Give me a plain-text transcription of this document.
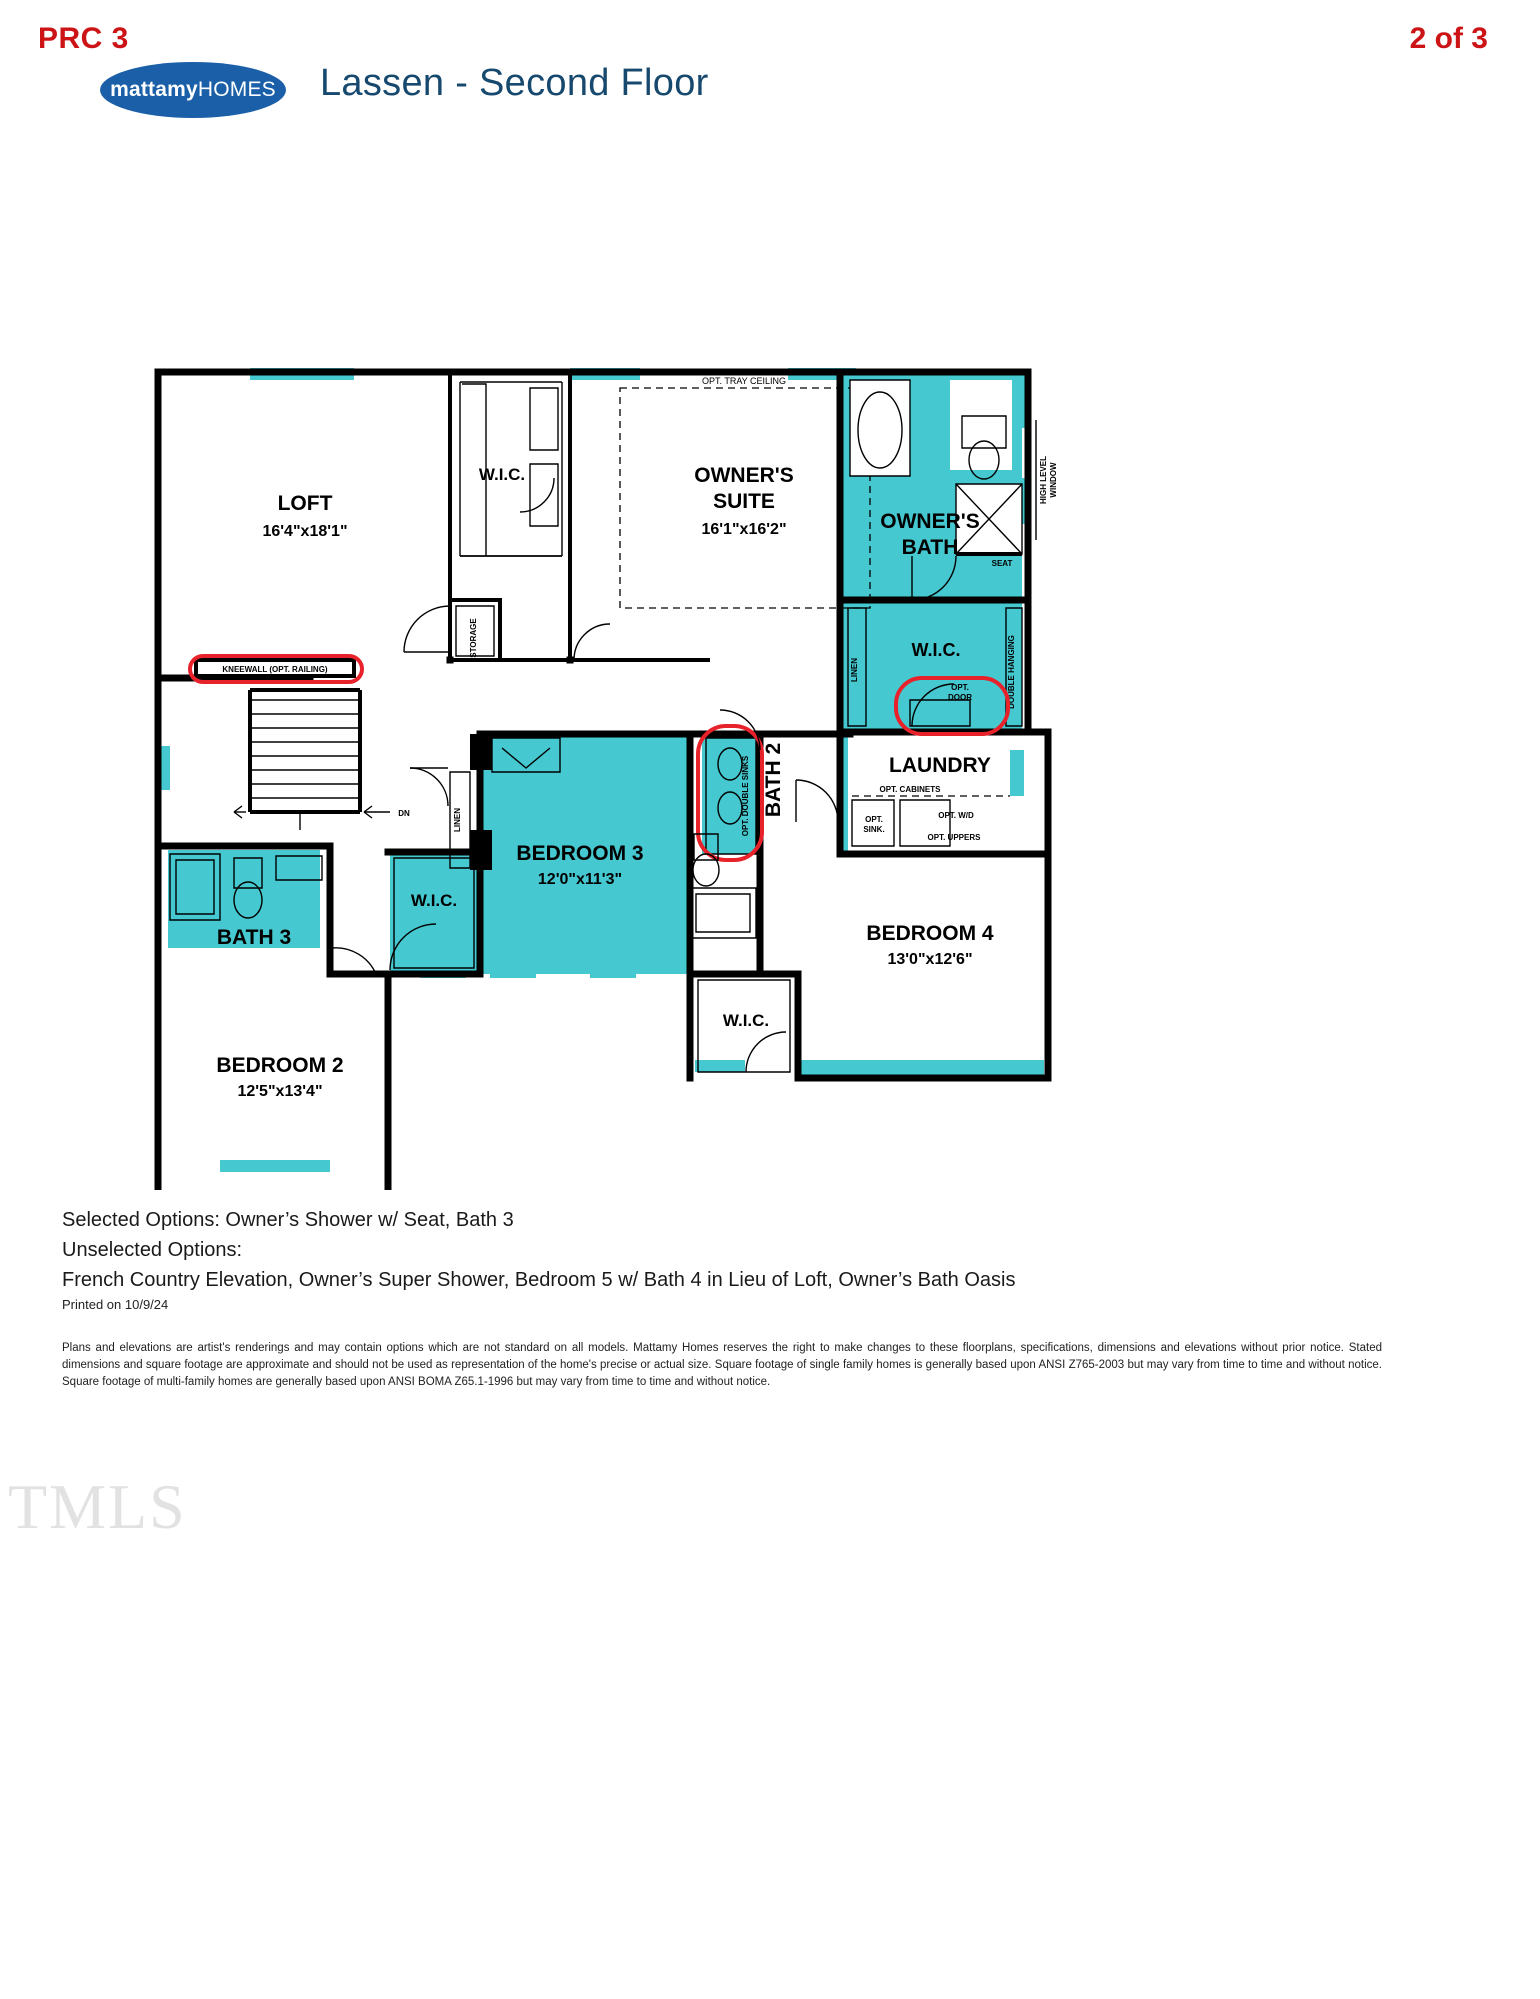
PRC 3	2 of 3
mattamy HOMES Lassen - Second Floor
DN
KNEEWALL (OPT. RAILING)
OPT. TRAY CEILING
W.I.C.
STORAGE
SEAT
HIGH LEVEL WINDOW
LINEN	DOUBLE HANGING
OPT.
DOOR
OPT. CABINETS
OPT.
SINK.
OPT. W/D
OPT. UPPERS
OPT. DOUBLE SINKS BATH 2
W.I.C.
LINEN
BEDROOM 3
12'0"x11'3"
W.I.C.
BATH 3
BEDROOM 2
12'5"x13'4"
BEDROOM 4
13'0"x12'6"
LOFT
16'4"x18'1"
OWNER'S
SUITE
16'1"x16'2"	OWNER'S
BATH
W.I.C.
LAUNDRY
Selected Options: Owner’s Shower w/ Seat, Bath 3
Unselected Options:
French Country Elevation, Owner’s Super Shower, Bedroom 5 w/ Bath 4 in Lieu of Loft, Owner’s Bath Oasis
Printed on 10/9/24
Plans and elevations are artist's renderings and may contain options which are not standard on all models. Mattamy Homes reserves the right to make changes to these floorplans, specifications, dimensions and elevations without prior notice. Stated dimensions and square footage are approximate and should not be used as representation of the home's precise or actual size. Square footage of single family homes is generally based upon ANSI Z765-2003 but may vary from time to time and without notice. Square footage of multi-family homes are generally based upon ANSI BOMA Z65.1-1996 but may vary from time to time and without notice.
TMLS
